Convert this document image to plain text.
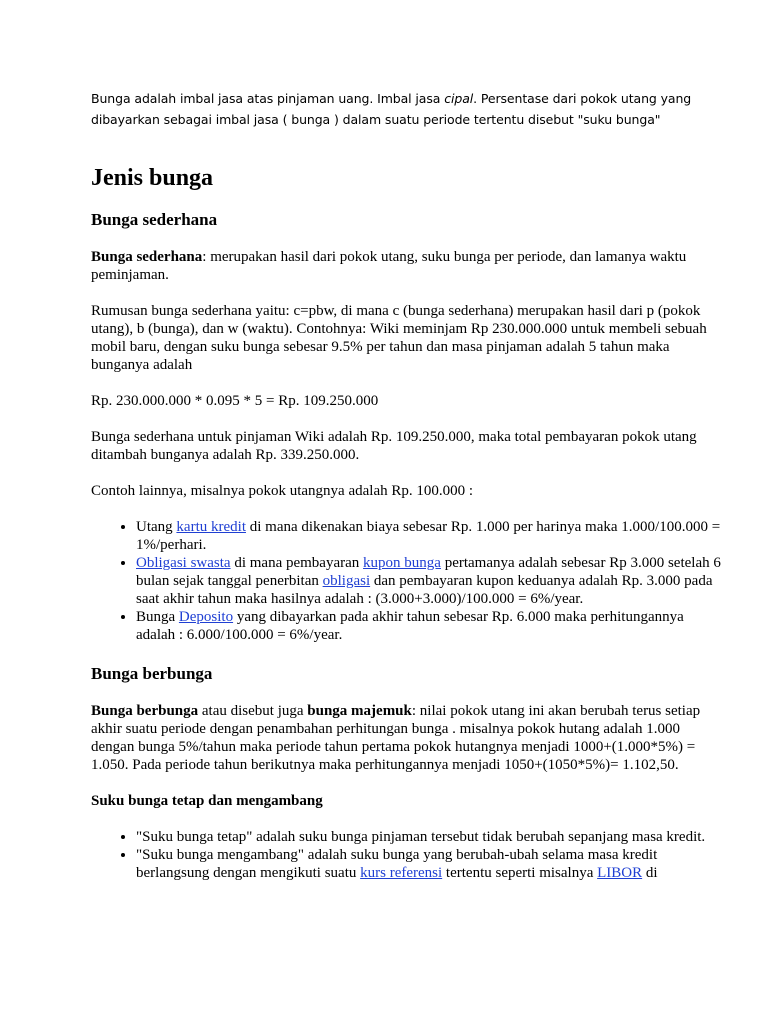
Bunga adalah imbal jasa atas pinjaman uang. Imbal jasa cipal. Persentase dari pokok utang yang dibayarkan sebagai imbal jasa ( bunga ) dalam suatu periode tertentu disebut "suku bunga"

Jenis bunga
Bunga sederhana

Bunga sederhana: merupakan hasil dari pokok utang, suku bunga per periode, dan lamanya waktu peminjaman.

Rumusan bunga sederhana yaitu: c=pbw, di mana c (bunga sederhana) merupakan hasil dari p (pokok utang), b (bunga), dan w (waktu). Contohnya: Wiki meminjam Rp 230.000.000 untuk membeli sebuah mobil baru, dengan suku bunga sebesar 9.5% per tahun dan masa pinjaman adalah 5 tahun maka bunganya adalah

Rp. 230.000.000 * 0.095 * 5 = Rp. 109.250.000

Bunga sederhana untuk pinjaman Wiki adalah Rp. 109.250.000, maka total pembayaran pokok utang ditambah bunganya adalah Rp. 339.250.000.

Contoh lainnya, misalnya pokok utangnya adalah Rp. 100.000 :

• Utang kartu kredit di mana dikenakan biaya sebesar Rp. 1.000 per harinya maka 1.000/100.000 = 1%/perhari.
• Obligasi swasta di mana pembayaran kupon bunga pertamanya adalah sebesar Rp 3.000 setelah 6 bulan sejak tanggal penerbitan obligasi dan pembayaran kupon keduanya adalah Rp. 3.000 pada saat akhir tahun maka hasilnya adalah : (3.000+3.000)/100.000 = 6%/year.
• Bunga Deposito yang dibayarkan pada akhir tahun sebesar Rp. 6.000 maka perhitungannya adalah : 6.000/100.000 = 6%/year.
Bunga berbunga

Bunga berbunga atau disebut juga bunga majemuk: nilai pokok utang ini akan berubah terus setiap akhir suatu periode dengan penambahan perhitungan bunga . misalnya pokok hutang adalah 1.000 dengan bunga 5%/tahun maka periode tahun pertama pokok hutangnya menjadi 1000+(1.000*5%) = 1.050. Pada periode tahun berikutnya maka perhitungannya menjadi 1050+(1050*5%)= 1.102,50.

Suku bunga tetap dan mengambang
• "Suku bunga tetap" adalah suku bunga pinjaman tersebut tidak berubah sepanjang masa kredit.
• "Suku bunga mengambang" adalah suku bunga yang berubah-ubah selama masa kredit berlangsung dengan mengikuti suatu kurs referensi tertentu seperti misalnya LIBOR di
